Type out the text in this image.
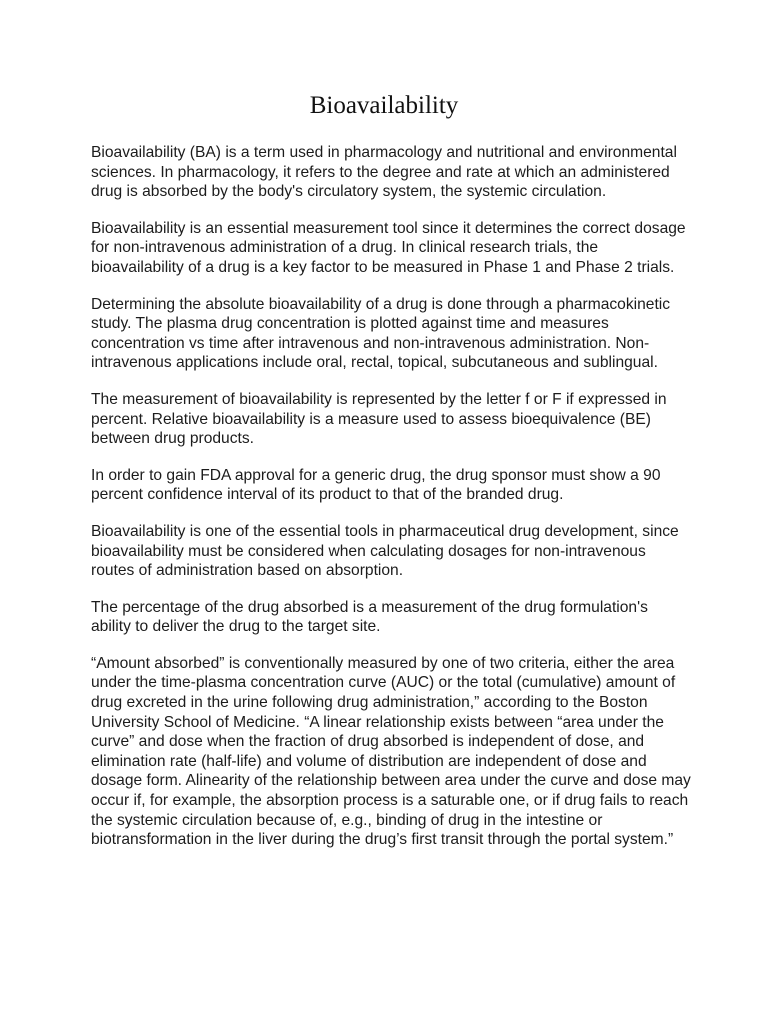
Bioavailability

Bioavailability (BA) is a term used in pharmacology and nutritional and environmental sciences. In pharmacology, it refers to the degree and rate at which an administered drug is absorbed by the body's circulatory system, the systemic circulation.

Bioavailability is an essential measurement tool since it determines the correct dosage for non-intravenous administration of a drug. In clinical research trials, the bioavailability of a drug is a key factor to be measured in Phase 1 and Phase 2 trials.

Determining the absolute bioavailability of a drug is done through a pharmacokinetic study. The plasma drug concentration is plotted against time and measures concentration vs time after intravenous and non-intravenous administration. Non-intravenous applications include oral, rectal, topical, subcutaneous and sublingual.

The measurement of bioavailability is represented by the letter f or F if expressed in percent. Relative bioavailability is a measure used to assess bioequivalence (BE) between drug products.

In order to gain FDA approval for a generic drug, the drug sponsor must show a 90 percent confidence interval of its product to that of the branded drug.

Bioavailability is one of the essential tools in pharmaceutical drug development, since bioavailability must be considered when calculating dosages for non-intravenous routes of administration based on absorption.

The percentage of the drug absorbed is a measurement of the drug formulation's ability to deliver the drug to the target site.

“Amount absorbed” is conventionally measured by one of two criteria, either the area under the time-plasma concentration curve (AUC) or the total (cumulative) amount of drug excreted in the urine following drug administration,” according to the Boston University School of Medicine. “A linear relationship exists between “area under the curve” and dose when the fraction of drug absorbed is independent of dose, and elimination rate (half-life) and volume of distribution are independent of dose and dosage form. Alinearity of the relationship between area under the curve and dose may occur if, for example, the absorption process is a saturable one, or if drug fails to reach the systemic circulation because of, e.g., binding of drug in the intestine or biotransformation in the liver during the drug’s first transit through the portal system.”
